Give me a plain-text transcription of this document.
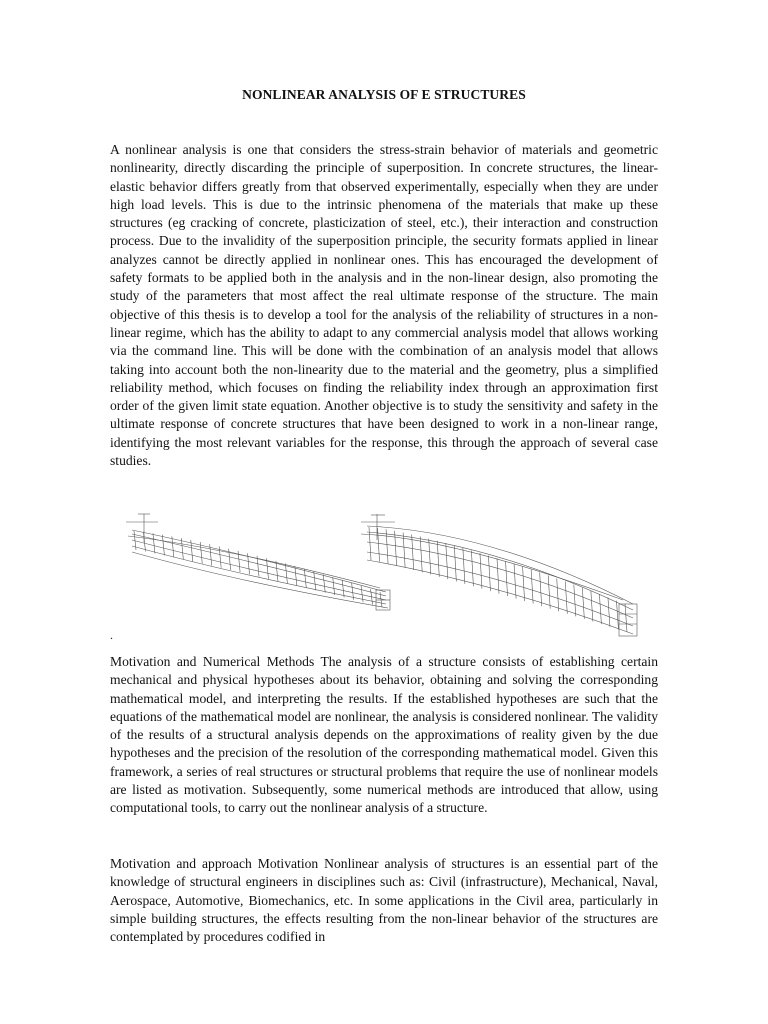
NONLINEAR ANALYSIS OF E STRUCTURES

A nonlinear analysis is one that considers the stress-strain behavior of materials and geometric nonlinearity, directly discarding the principle of superposition. In concrete structures, the linear-elastic behavior differs greatly from that observed experimentally, especially when they are under high load levels. This is due to the intrinsic phenomena of the materials that make up these structures (eg cracking of concrete, plasticization of steel, etc.), their interaction and construction process. Due to the invalidity of the superposition principle, the security formats applied in linear analyzes cannot be directly applied in nonlinear ones. This has encouraged the development of safety formats to be applied both in the analysis and in the non-linear design, also promoting the study of the parameters that most affect the real ultimate response of the structure. The main objective of this thesis is to develop a tool for the analysis of the reliability of structures in a non-linear regime, which has the ability to adapt to any commercial analysis model that allows working via the command line. This will be done with the combination of an analysis model that allows taking into account both the non-linearity due to the material and the geometry, plus a simplified reliability method, which focuses on finding the reliability index through an approximation first order of the given limit state equation. Another objective is to study the sensitivity and safety in the ultimate response of concrete structures that have been designed to work in a non-linear range, identifying the most relevant variables for the response, this through the approach of several case studies.

.

Motivation and Numerical Methods The analysis of a structure consists of establishing certain mechanical and physical hypotheses about its behavior, obtaining and solving the corresponding mathematical model, and interpreting the results. If the established hypotheses are such that the equations of the mathematical model are nonlinear, the analysis is considered nonlinear. The validity of the results of a structural analysis depends on the approximations of reality given by the due hypotheses and the precision of the resolution of the corresponding mathematical model. Given this framework, a series of real structures or structural problems that require the use of nonlinear models are listed as motivation. Subsequently, some numerical methods are introduced that allow, using computational tools, to carry out the nonlinear analysis of a structure.

Motivation and approach Motivation Nonlinear analysis of structures is an essential part of the knowledge of structural engineers in disciplines such as: Civil (infrastructure), Mechanical, Naval, Aerospace, Automotive, Biomechanics, etc. In some applications in the Civil area, particularly in simple building structures, the effects resulting from the non-linear behavior of the structures are contemplated by procedures codified in
